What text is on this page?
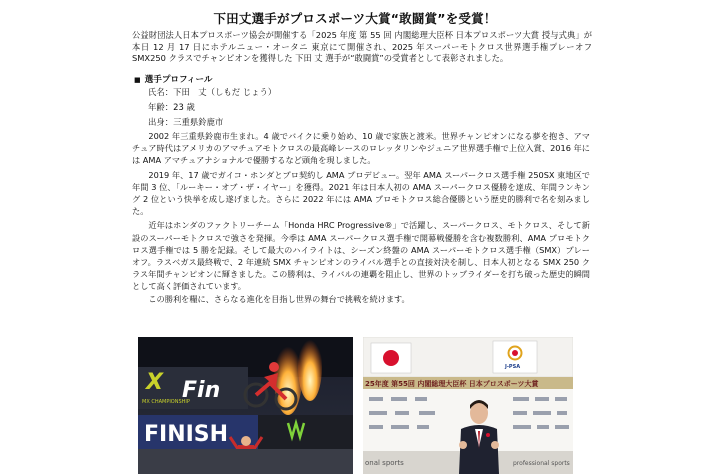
下田丈選手がプロスポーツ大賞“敢闘賞”を受賞！
公益財団法人日本プロスポーツ協会が開催する「2025 年度 第 55 回 内閣総理大臣杯 日本プロスポーツ大賞 授与式典」が本日 12 月 17 日にホテルニュー・オータニ 東京にて開催され、2025 年スーパーモトクロス世界選手権プレーオフ SMX250 クラスでチャンピオンを獲得した 下田 丈 選手が“敢闘賞”の受賞者として表彰されました。
■ 選手プロフィール
氏名：下田　丈（しもだ じょう）
年齢：23 歳
出身：三重県鈴鹿市

2002 年三重県鈴鹿市生まれ。4 歳でバイクに乗り始め、10 歳で家族と渡米。世界チャンピオンになる夢を抱き、アマチュア時代はアメリカのアマチュアモトクロスの最高峰レースのロレッタリンやジュニア世界選手権で上位入賞、2016 年には AMA アマチュアナショナルで優勝するなど頭角を現しました。

2019 年、17 歳でガイコ・ホンダとプロ契約し AMA プロデビュー。翌年 AMA スーパークロス選手権 250SX 東地区で年間 3 位、「ルーキー・オブ・ザ・イヤー」を獲得。2021 年は日本人初の AMA スーパークロス優勝を達成、年間ランキング 2 位という快挙を成し遂げました。さらに 2022 年には AMA プロモトクロス総合優勝という歴史的勝利で名を刻みました。

近年はホンダのファクトリーチーム「Honda HRC Progressive®」で活躍し、スーパークロス、モトクロス、そして新設のスーパーモトクロスで強さを発揮。今季は AMA スーパークロス選手権で開幕戦優勝を含む複数勝利、AMA プロモトクロス選手権では 5 勝を記録。そして最大のハイライトは、シーズン終盤の AMA スーパーモトクロス選手権（SMX）プレーオフ。ラスベガス最終戦で、2 年連続 SMX チャンピオンのライバル選手との直接対決を制し、日本人初となる SMX 250 クラス年間チャンピオンに輝きました。この勝利は、ライバルの連覇を阻止し、世界のトップライダーを打ち破った歴史的瞬間として高く評価されています。

この勝利を糧に、さらなる進化を目指し世界の舞台で挑戦を続けます。

X Fin
MX CHAMPIONSHIP
FINISH
J-PSA
25年度 第55回 内閣総理大臣杯 日本プロスポーツ大賞
onal sports	professional sports
